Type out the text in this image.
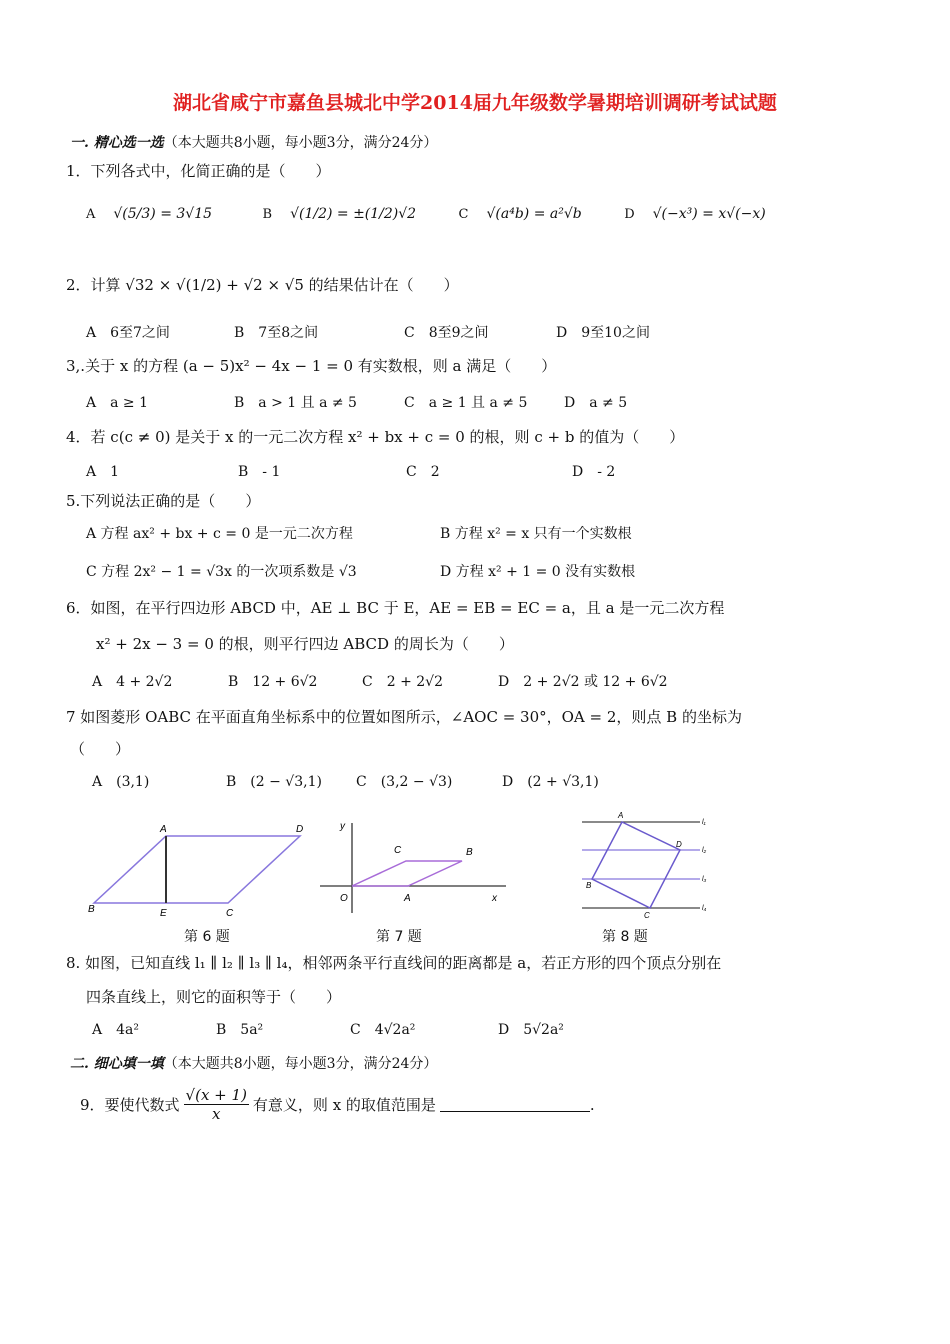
湖北省咸宁市嘉鱼县城北中学2014届九年级数学暑期培训调研考试试题
一. 精心选一选（本大题共8小题，每小题3分，满分24分）
1．下列各式中，化简正确的是（　　）
A √(5/3) = 3√15	B √(1/2) = ±(1/2)√2	C √(a⁴b) = a²√b	D √(−x³) = x√(−x)
2．计算 √32 × √(1/2) + √2 × √5 的结果估计在（　　）
A　6至7之间	B　7至8之间	C　8至9之间	D　9至10之间
3,.关于 x 的方程 (a − 5)x² − 4x − 1 = 0 有实数根，则 a 满足（　　）
A　a ≥ 1	B　a > 1 且 a ≠ 5	C　a ≥ 1 且 a ≠ 5	D　a ≠ 5
4．若 c(c ≠ 0) 是关于 x 的一元二次方程 x² + bx + c = 0 的根，则 c + b 的值为（　　）
A　1	B　- 1	C　2	D　- 2
5.下列说法正确的是（　　）
A 方程 ax² + bx + c = 0 是一元二次方程	B 方程 x² = x 只有一个实数根
C 方程 2x² − 1 = √3x 的一次项系数是 √3	D 方程 x² + 1 = 0 没有实数根
6．如图，在平行四边形 ABCD 中，AE ⊥ BC 于 E，AE = EB = EC = a，且 a 是一元二次方程
x² + 2x − 3 = 0 的根，则平行四边 ABCD 的周长为（　　）
A　4 + 2√2	B　12 + 6√2	C　2 + 2√2	D　2 + 2√2 或 12 + 6√2
7 如图菱形 OABC 在平面直角坐标系中的位置如图所示，∠AOC = 30°，OA = 2，则点 B 的坐标为
（　　）
A　(3,1)	B　(2 − √3,1) C　(3,2 − √3)	D　(2 + √3,1)
A	D
B	E	C
第 6 题
y
C	B
O	A	x
第 7 题
A
D
B
C
l₁
l₂
l₃
l₄
第 8 题
8. 如图，已知直线 l₁ ∥ l₂ ∥ l₃ ∥ l₄，相邻两条平行直线间的距离都是 a，若正方形的四个顶点分别在
四条直线上，则它的面积等于（　　）
A　4a²	B　5a²	C　4√2a²	D　5√2a²
二. 细心填一填（本大题共8小题，每小题3分，满分24分）
9．要使代数式 $\frac{√(x + 1)}{x}$ 有意义，则 x 的取值范围是	.
